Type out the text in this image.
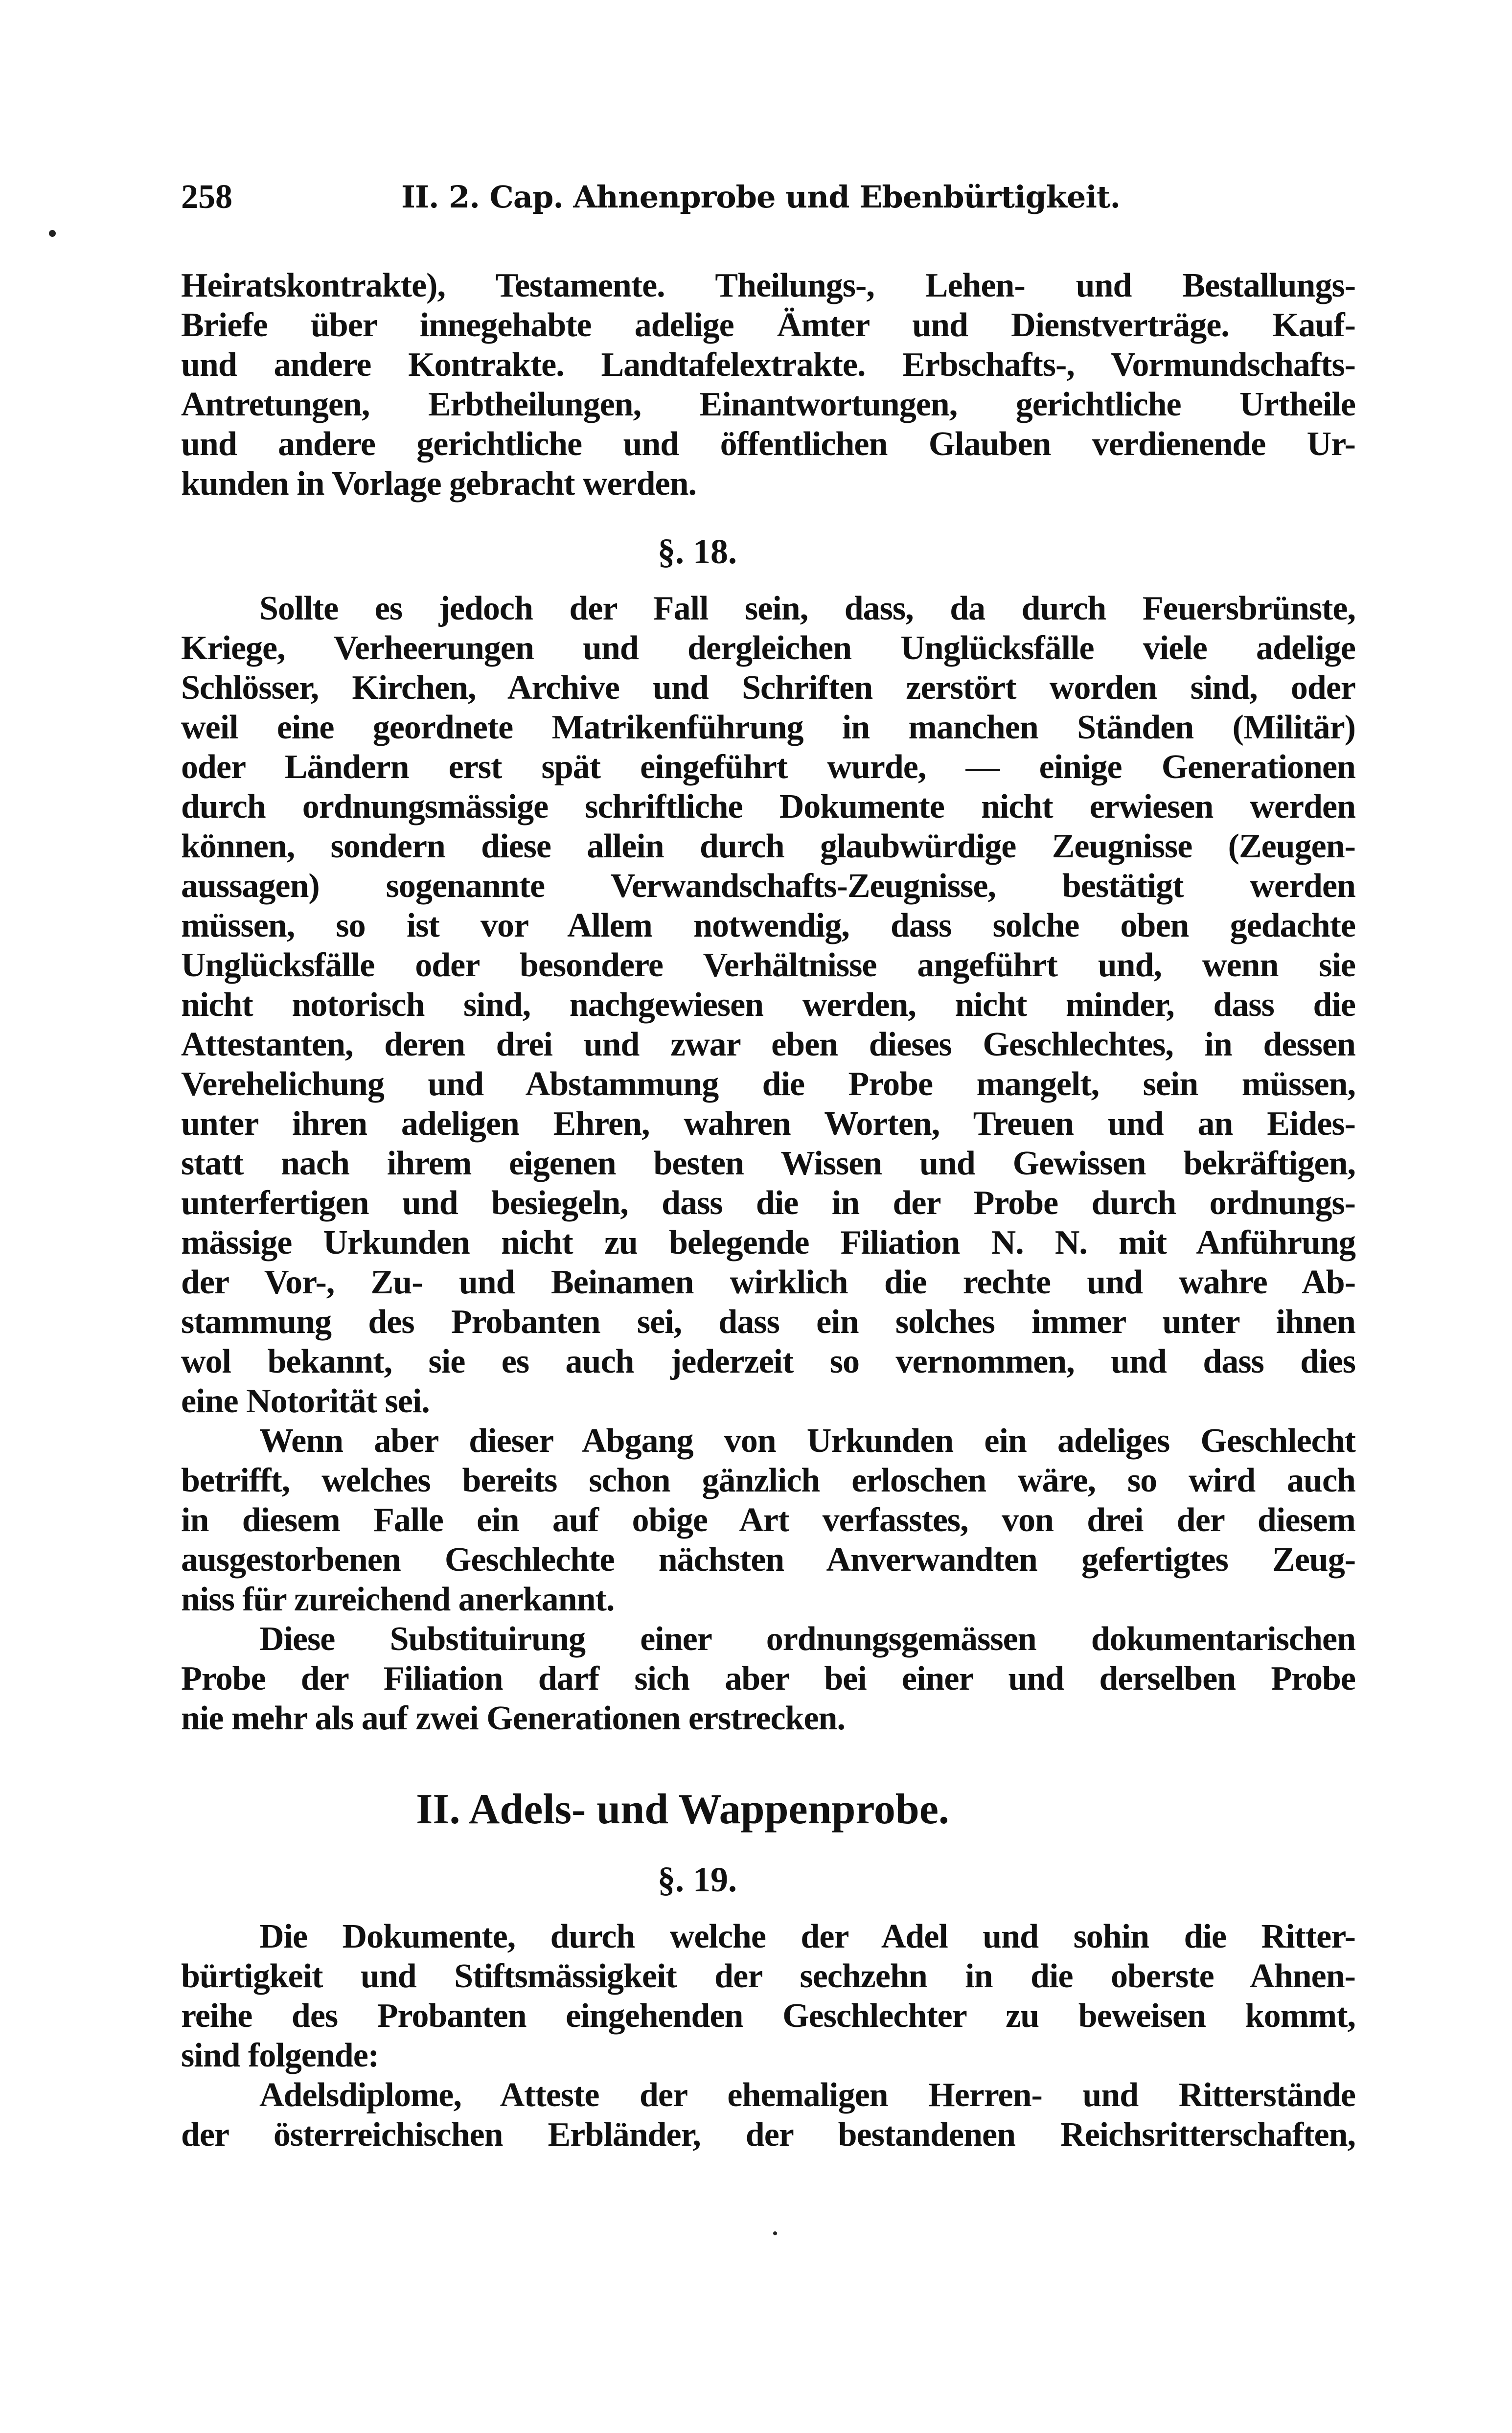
258	II. 2. Cap. Ahnenprobe und Ebenbürtigkeit.
Heiratskontrakte), Testamente. Theilungs-, Lehen- und Bestallungs-
Briefe über innegehabte adelige Ämter und Dienstverträge. Kauf-
und andere Kontrakte. Landtafelextrakte. Erbschafts-, Vormundschafts-
Antretungen, Erbtheilungen, Einantwortungen, gerichtliche Urtheile
und andere gerichtliche und öffentlichen Glauben verdienende Ur-
kunden in Vorlage gebracht werden.
§. 18.
Sollte es jedoch der Fall sein, dass, da durch Feuersbrünste,
Kriege, Verheerungen und dergleichen Unglücksfälle viele adelige
Schlösser, Kirchen, Archive und Schriften zerstört worden sind, oder
weil eine geordnete Matrikenführung in manchen Ständen (Militär)
oder Ländern erst spät eingeführt wurde, — einige Generationen
durch ordnungsmässige schriftliche Dokumente nicht erwiesen werden
können, sondern diese allein durch glaubwürdige Zeugnisse (Zeugen-
aussagen) sogenannte Verwandschafts-Zeugnisse, bestätigt werden
müssen, so ist vor Allem notwendig, dass solche oben gedachte
Unglücksfälle oder besondere Verhältnisse angeführt und, wenn sie
nicht notorisch sind, nachgewiesen werden, nicht minder, dass die
Attestanten, deren drei und zwar eben dieses Geschlechtes, in dessen
Verehelichung und Abstammung die Probe mangelt, sein müssen,
unter ihren adeligen Ehren, wahren Worten, Treuen und an Eides-
statt nach ihrem eigenen besten Wissen und Gewissen bekräftigen,
unterfertigen und besiegeln, dass die in der Probe durch ordnungs-
mässige Urkunden nicht zu belegende Filiation N. N. mit Anführung
der Vor-, Zu- und Beinamen wirklich die rechte und wahre Ab-
stammung des Probanten sei, dass ein solches immer unter ihnen
wol bekannt, sie es auch jederzeit so vernommen, und dass dies
eine Notorität sei.
Wenn aber dieser Abgang von Urkunden ein adeliges Geschlecht
betrifft, welches bereits schon gänzlich erloschen wäre, so wird auch
in diesem Falle ein auf obige Art verfasstes, von drei der diesem
ausgestorbenen Geschlechte nächsten Anverwandten gefertigtes Zeug-
niss für zureichend anerkannt.
Diese Substituirung einer ordnungsgemässen dokumentarischen
Probe der Filiation darf sich aber bei einer und derselben Probe
nie mehr als auf zwei Generationen erstrecken.
II. Adels- und Wappenprobe.
§. 19.
Die Dokumente, durch welche der Adel und sohin die Ritter-
bürtigkeit und Stiftsmässigkeit der sechzehn in die oberste Ahnen-
reihe des Probanten eingehenden Geschlechter zu beweisen kommt,
sind folgende:
Adelsdiplome, Atteste der ehemaligen Herren- und Ritterstände
der österreichischen Erbländer, der bestandenen Reichsritterschaften,
